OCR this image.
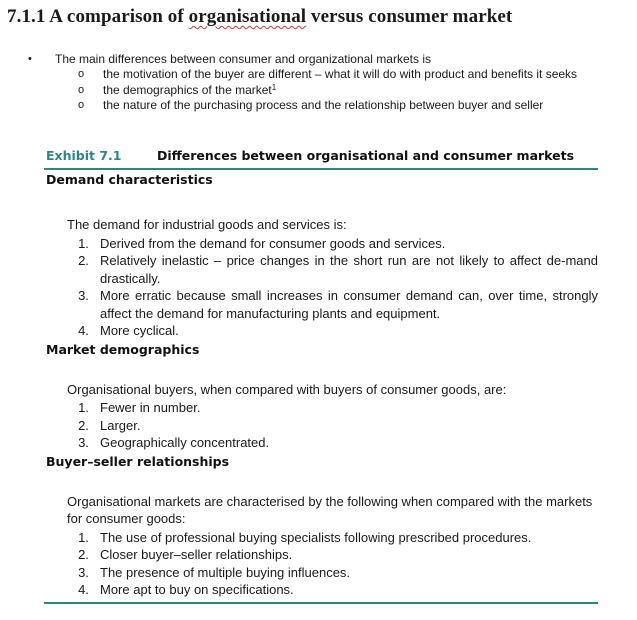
7.1.1 A comparison of organisational versus consumer market
•	The main differences between consumer and organizational markets is
o	the motivation of the buyer are different – what it will do with product and benefits it seeks
o	the demographics of the market$^1$
o	the nature of the purchasing process and the relationship between buyer and seller
Exhibit 7.1	Differences between organisational and consumer markets
Demand characteristics
The demand for industrial goods and services is:
1. Derived from the demand for consumer goods and services.
2. Relatively inelastic – price changes in the short run are not likely to affect de-mand drastically.
3. More erratic because small increases in consumer demand can, over time, strongly affect the demand for manufacturing plants and equipment.
4. More cyclical.
Market demographics
Organisational buyers, when compared with buyers of consumer goods, are:
1. Fewer in number.
2. Larger.
3. Geographically concentrated.
Buyer–seller relationships
Organisational markets are characterised by the following when compared with the markets for consumer goods:
1. The use of professional buying specialists following prescribed procedures.
2. Closer buyer–seller relationships.
3. The presence of multiple buying influences.
4. More apt to buy on specifications.
